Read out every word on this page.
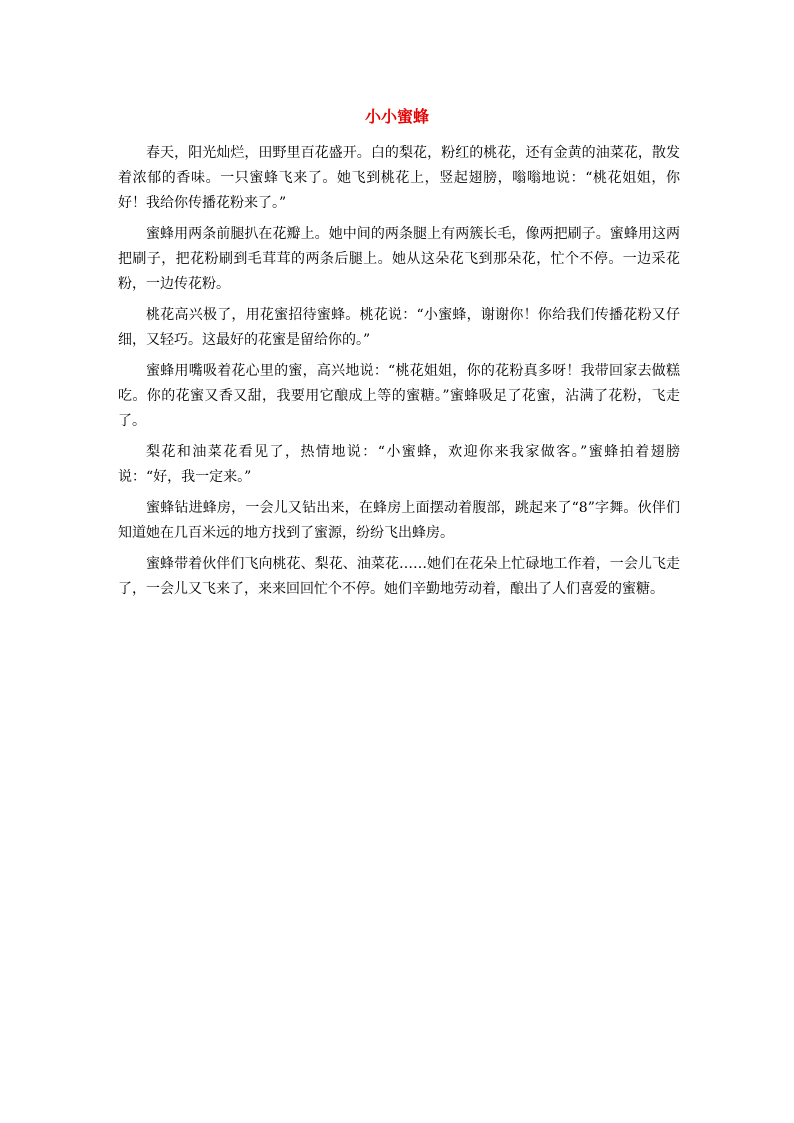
小小蜜蜂

春天，阳光灿烂，田野里百花盛开。白的梨花，粉红的桃花，还有金黄的油菜花，散发着浓郁的香味。一只蜜蜂飞来了。她飞到桃花上，竖起翅膀，嗡嗡地说：“桃花姐姐，你好！我给你传播花粉来了。”

蜜蜂用两条前腿扒在花瓣上。她中间的两条腿上有两簇长毛，像两把刷子。蜜蜂用这两把刷子，把花粉刷到毛茸茸的两条后腿上。她从这朵花飞到那朵花，忙个不停。一边采花粉，一边传花粉。

桃花高兴极了，用花蜜招待蜜蜂。桃花说：“小蜜蜂，谢谢你！你给我们传播花粉又仔细，又轻巧。这最好的花蜜是留给你的。”

蜜蜂用嘴吸着花心里的蜜，高兴地说：“桃花姐姐，你的花粉真多呀！我带回家去做糕吃。你的花蜜又香又甜，我要用它酿成上等的蜜糖。”蜜蜂吸足了花蜜，沾满了花粉，飞走了。

梨花和油菜花看见了，热情地说：“小蜜蜂，欢迎你来我家做客。”蜜蜂拍着翅膀说：“好，我一定来。”

蜜蜂钻进蜂房，一会儿又钻出来，在蜂房上面摆动着腹部，跳起来了“8”字舞。伙伴们知道她在几百米远的地方找到了蜜源，纷纷飞出蜂房。

蜜蜂带着伙伴们飞向桃花、梨花、油菜花……她们在花朵上忙碌地工作着，一会儿飞走了，一会儿又飞来了，来来回回忙个不停。她们辛勤地劳动着，酿出了人们喜爱的蜜糖。
